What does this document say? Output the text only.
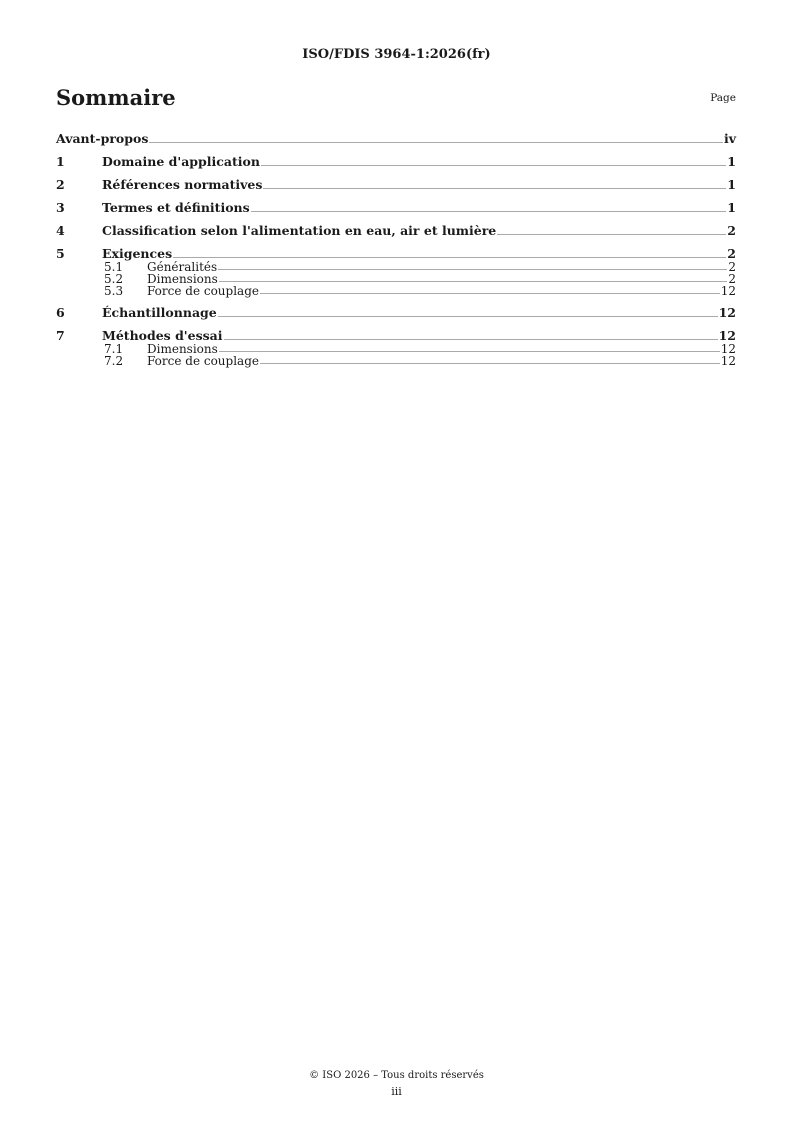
ISO/FDIS 3964-1:2026(fr)
Sommaire	Page
Avant-propos	iv
1	Domaine d'application	1
2	Références normatives	1
3	Termes et définitions	1
4	Classification selon l'alimentation en eau, air et lumière	2
5	Exigences	2
5.1	Généralités	2
5.2	Dimensions	2
5.3	Force de couplage	12
6	Échantillonnage	12
7	Méthodes d'essai	12
7.1	Dimensions	12
7.2	Force de couplage	12
© ISO 2026 – Tous droits réservés
iii
